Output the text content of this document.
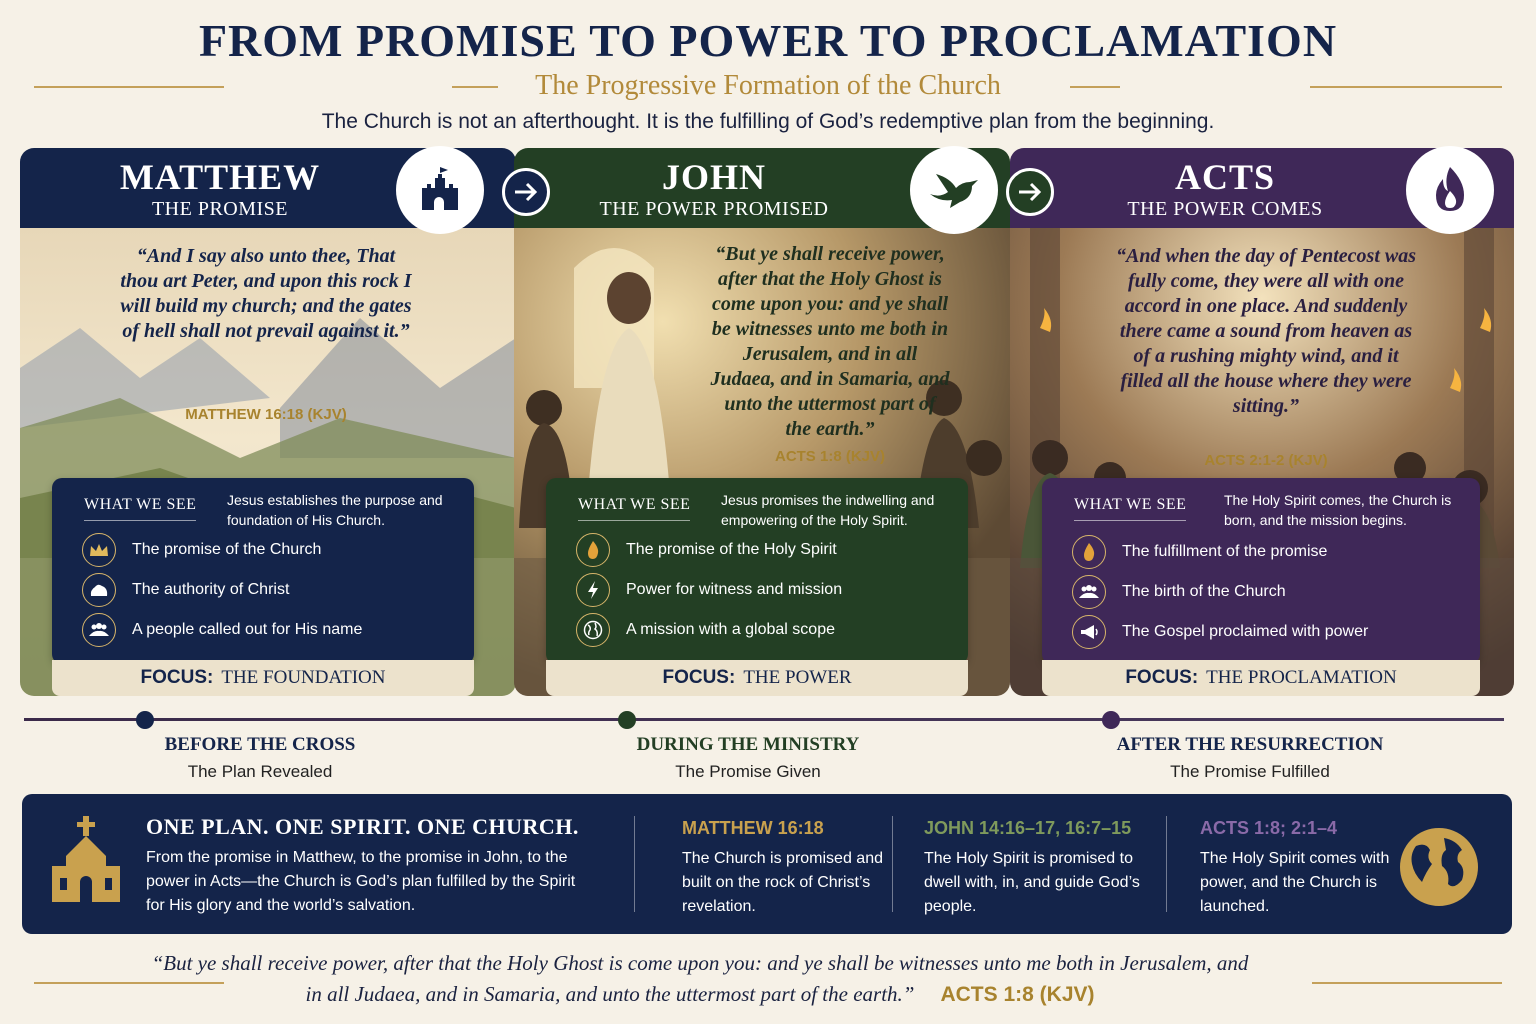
FROM PROMISE TO POWER TO PROCLAMATION
The Progressive Formation of the Church
The Church is not an afterthought. It is the fulfilling of God’s redemptive plan from the beginning.
MATTHEW
THE PROMISE
“And I say also unto thee, That thou art Peter, and upon this rock I will build my church; and the gates of hell shall not prevail against it.”
MATTHEW 16:18 (KJV)
WHAT WE SEE Jesus establishes the purpose and foundation of His Church.
The promise of the Church
The authority of Christ
A people called out for His name
FOCUS: THE FOUNDATION
JOHN
THE POWER PROMISED
“But ye shall receive power, after that the Holy Ghost is come upon you: and ye shall be witnesses unto me both in Jerusalem, and in all Judaea, and in Samaria, and unto the uttermost part of the earth.”
ACTS 1:8 (KJV)
WHAT WE SEE Jesus promises the indwelling and empowering of the Holy Spirit.
The promise of the Holy Spirit
Power for witness and mission
A mission with a global scope
FOCUS: THE POWER
ACTS
THE POWER COMES
“And when the day of Pentecost was fully come, they were all with one accord in one place. And suddenly there came a sound from heaven as of a rushing mighty wind, and it filled all the house where they were sitting.”
ACTS 2:1-2 (KJV)
WHAT WE SEE	The Holy Spirit comes, the Church is born, and the mission begins.
The fulfillment of the promise
The birth of the Church
The Gospel proclaimed with power
FOCUS: THE PROCLAMATION
BEFORE THE CROSS
The Plan Revealed
DURING THE MINISTRY
The Promise Given
AFTER THE RESURRECTION
The Promise Fulfilled
ONE PLAN. ONE SPIRIT. ONE CHURCH.
From the promise in Matthew, to the promise in John, to the power in Acts—the Church is God’s plan fulfilled by the Spirit for His glory and the world’s salvation.
MATTHEW 16:18
The Church is promised and built on the rock of Christ’s revelation.
JOHN 14:16–17, 16:7–15
The Holy Spirit is promised to dwell with, in, and guide God’s people.
ACTS 1:8; 2:1–4
The Holy Spirit comes with power, and the Church is launched.
“But ye shall receive power, after that the Holy Ghost is come upon you: and ye shall be witnesses unto me both in Jerusalem, and in all Judaea, and in Samaria, and unto the uttermost part of the earth.” ACTS 1:8 (KJV)
